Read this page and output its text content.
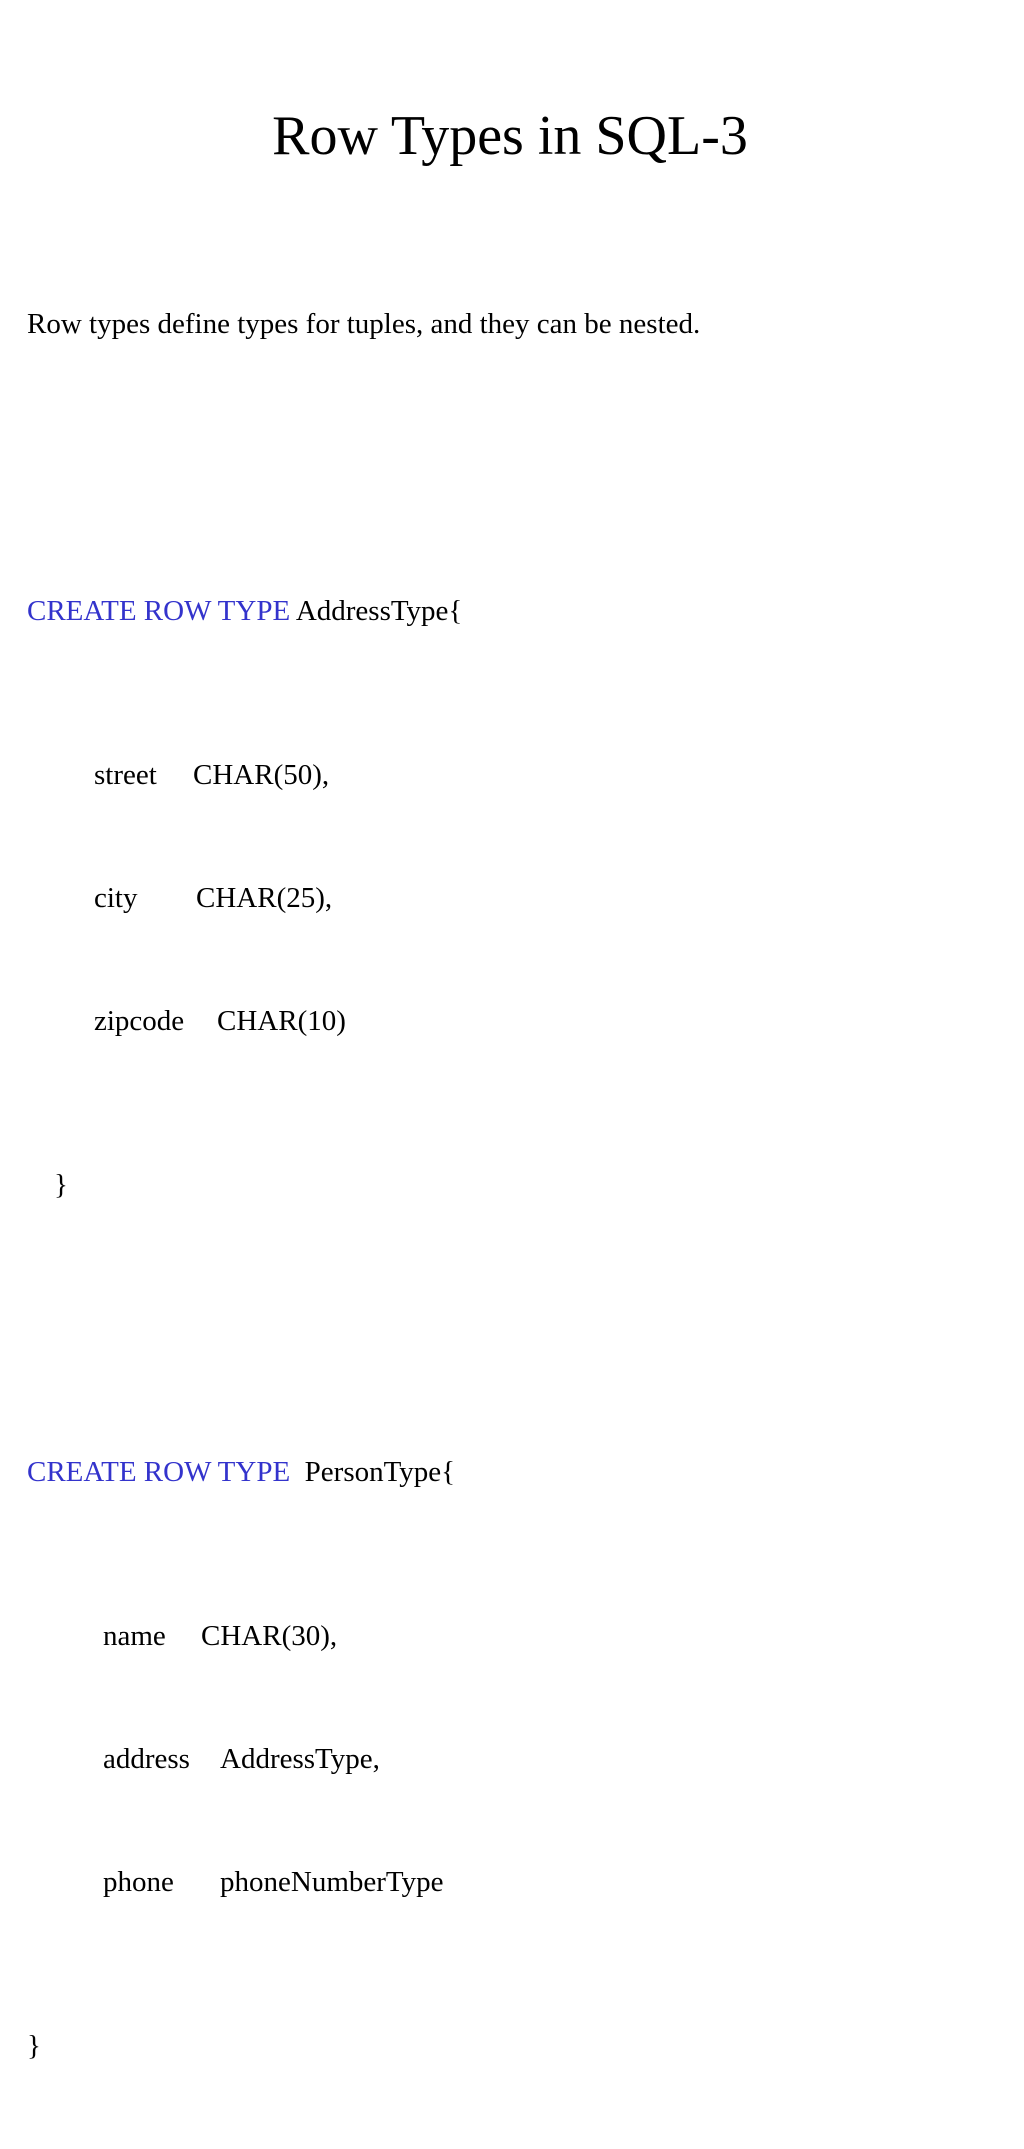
Row Types in SQL-3

Row types define types for tuples, and they can be nested.

CREATE ROW TYPE AddressType{

street CHAR(50),

city CHAR(25),

zipcode CHAR(10)

}

CREATE ROW TYPE PersonType{

name CHAR(30),

address AddressType,

phone phoneNumberType

}
